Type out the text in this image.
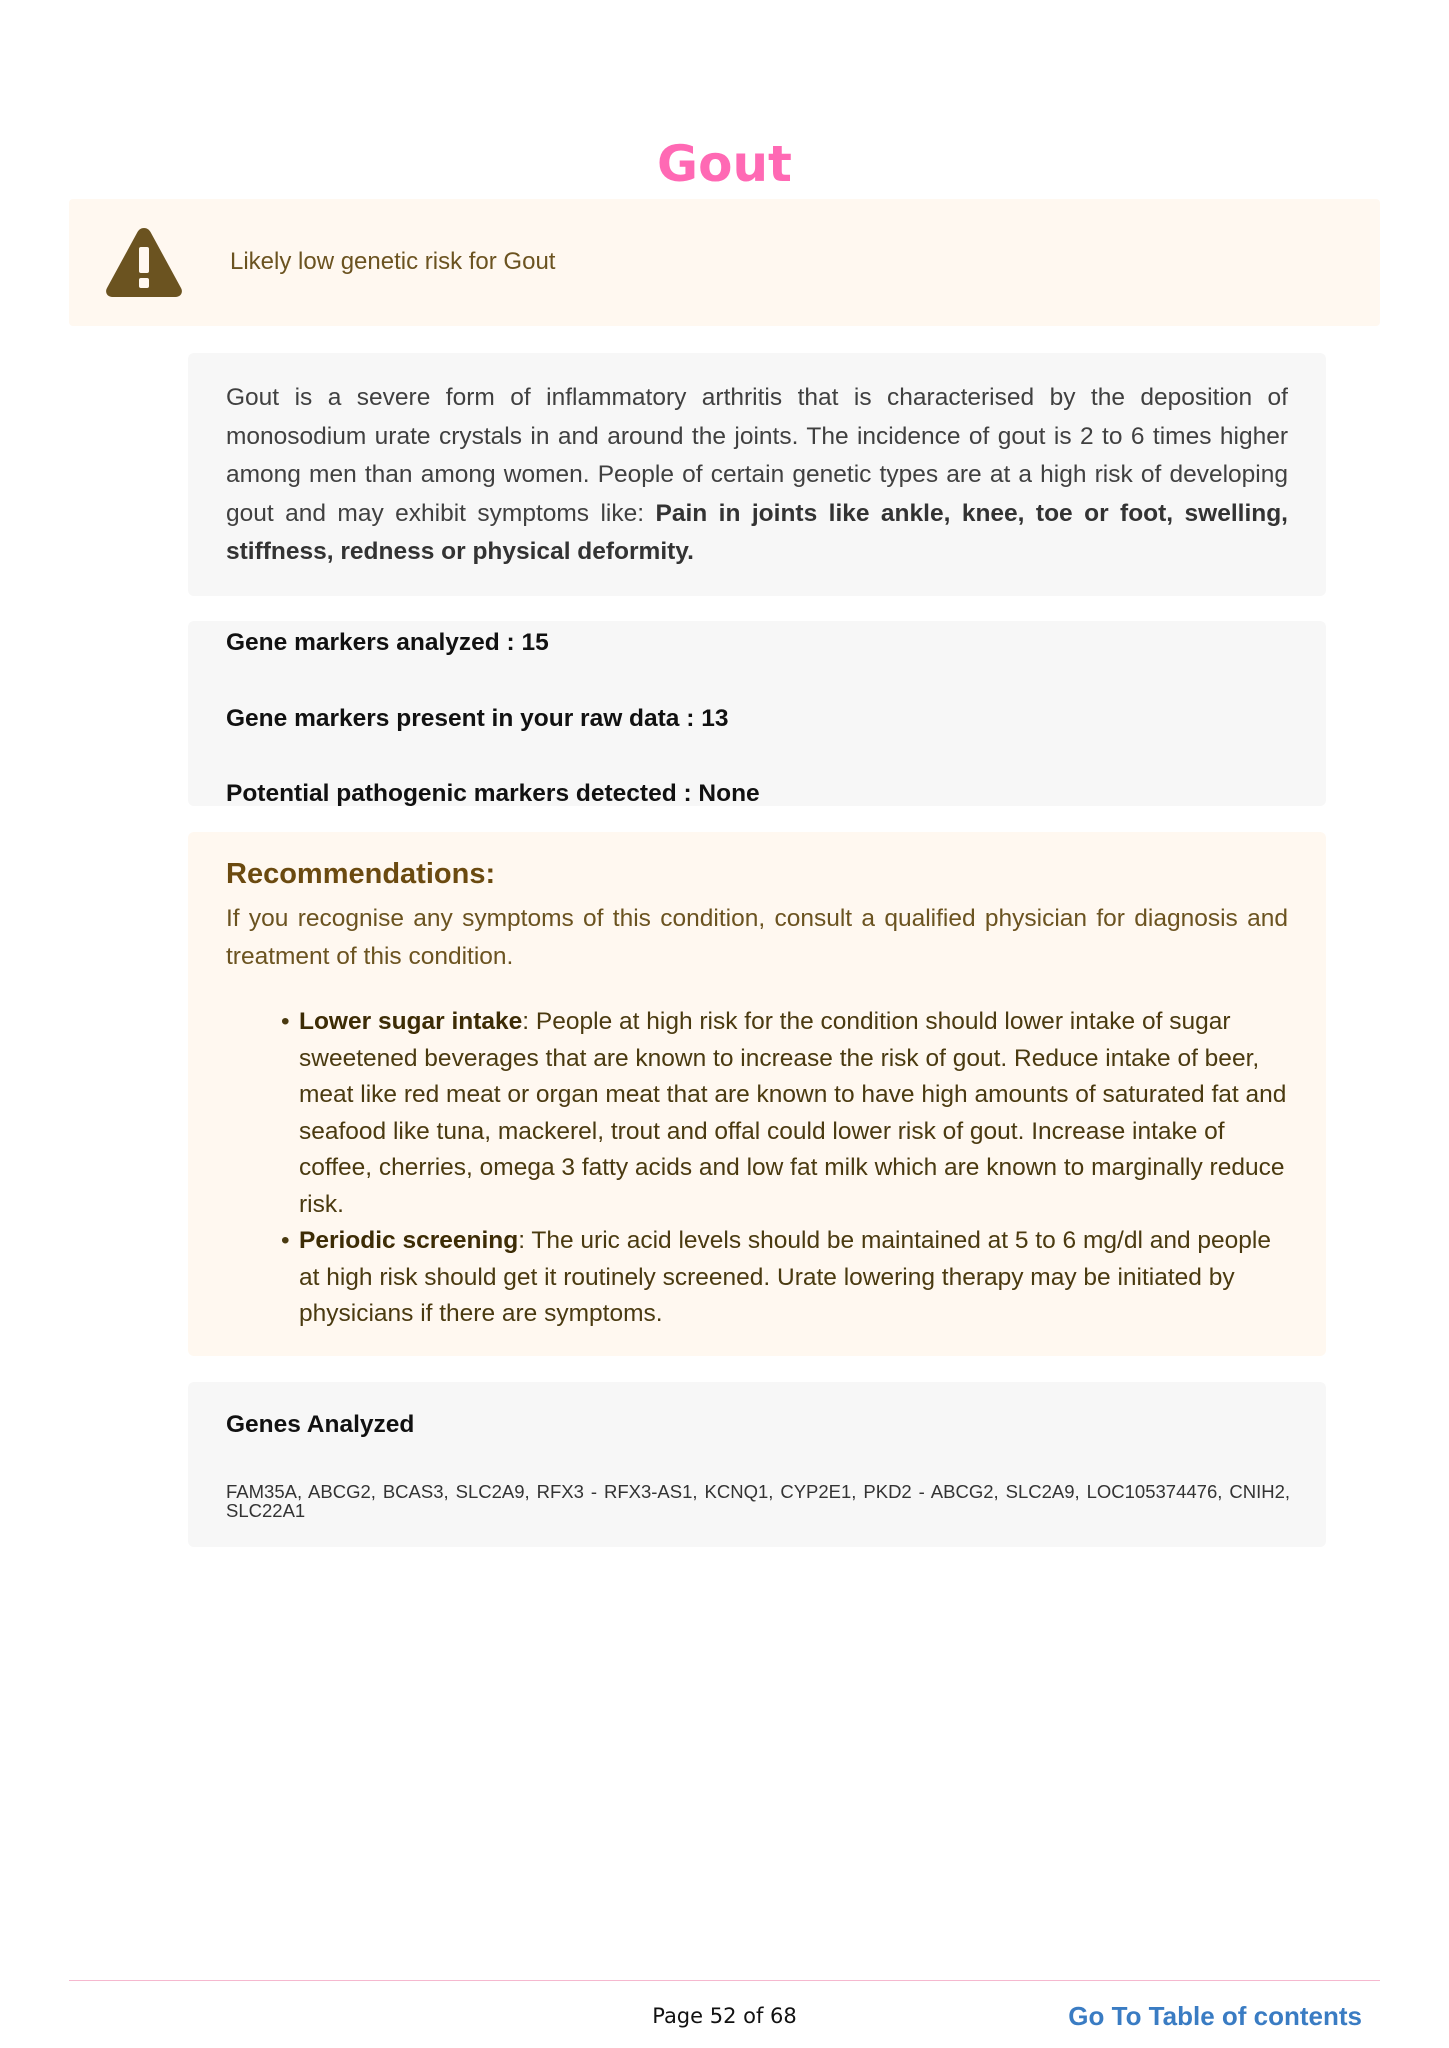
Gout
Likely low genetic risk for Gout

Gout is a severe form of inflammatory arthritis that is characterised by the deposition of monosodium urate crystals in and around the joints. The incidence of gout is 2 to 6 times higher among men than among women. People of certain genetic types are at a high risk of developing gout and may exhibit symptoms like: Pain in joints like ankle, knee, toe or foot, swelling, stiffness, redness or physical deformity.

Gene markers analyzed : 15
Gene markers present in your raw data : 13
Potential pathogenic markers detected : None
Recommendations:

If you recognise any symptoms of this condition, consult a qualified physician for diagnosis and treatment of this condition.

• Lower sugar intake: People at high risk for the condition should lower intake of sugar sweetened beverages that are known to increase the risk of gout. Reduce intake of beer, meat like red meat or organ meat that are known to have high amounts of saturated fat and seafood like tuna, mackerel, trout and offal could lower risk of gout. Increase intake of coffee, cherries, omega 3 fatty acids and low fat milk which are known to marginally reduce risk.
• Periodic screening: The uric acid levels should be maintained at 5 to 6 mg/dl and people at high risk should get it routinely screened. Urate lowering therapy may be initiated by physicians if there are symptoms.
Genes Analyzed
FAM35A, ABCG2, BCAS3, SLC2A9, RFX3 - RFX3-AS1, KCNQ1, CYP2E1, PKD2 - ABCG2, SLC2A9, LOC105374476, CNIH2, SLC22A1
Page 52 of 68	Go To Table of contents
